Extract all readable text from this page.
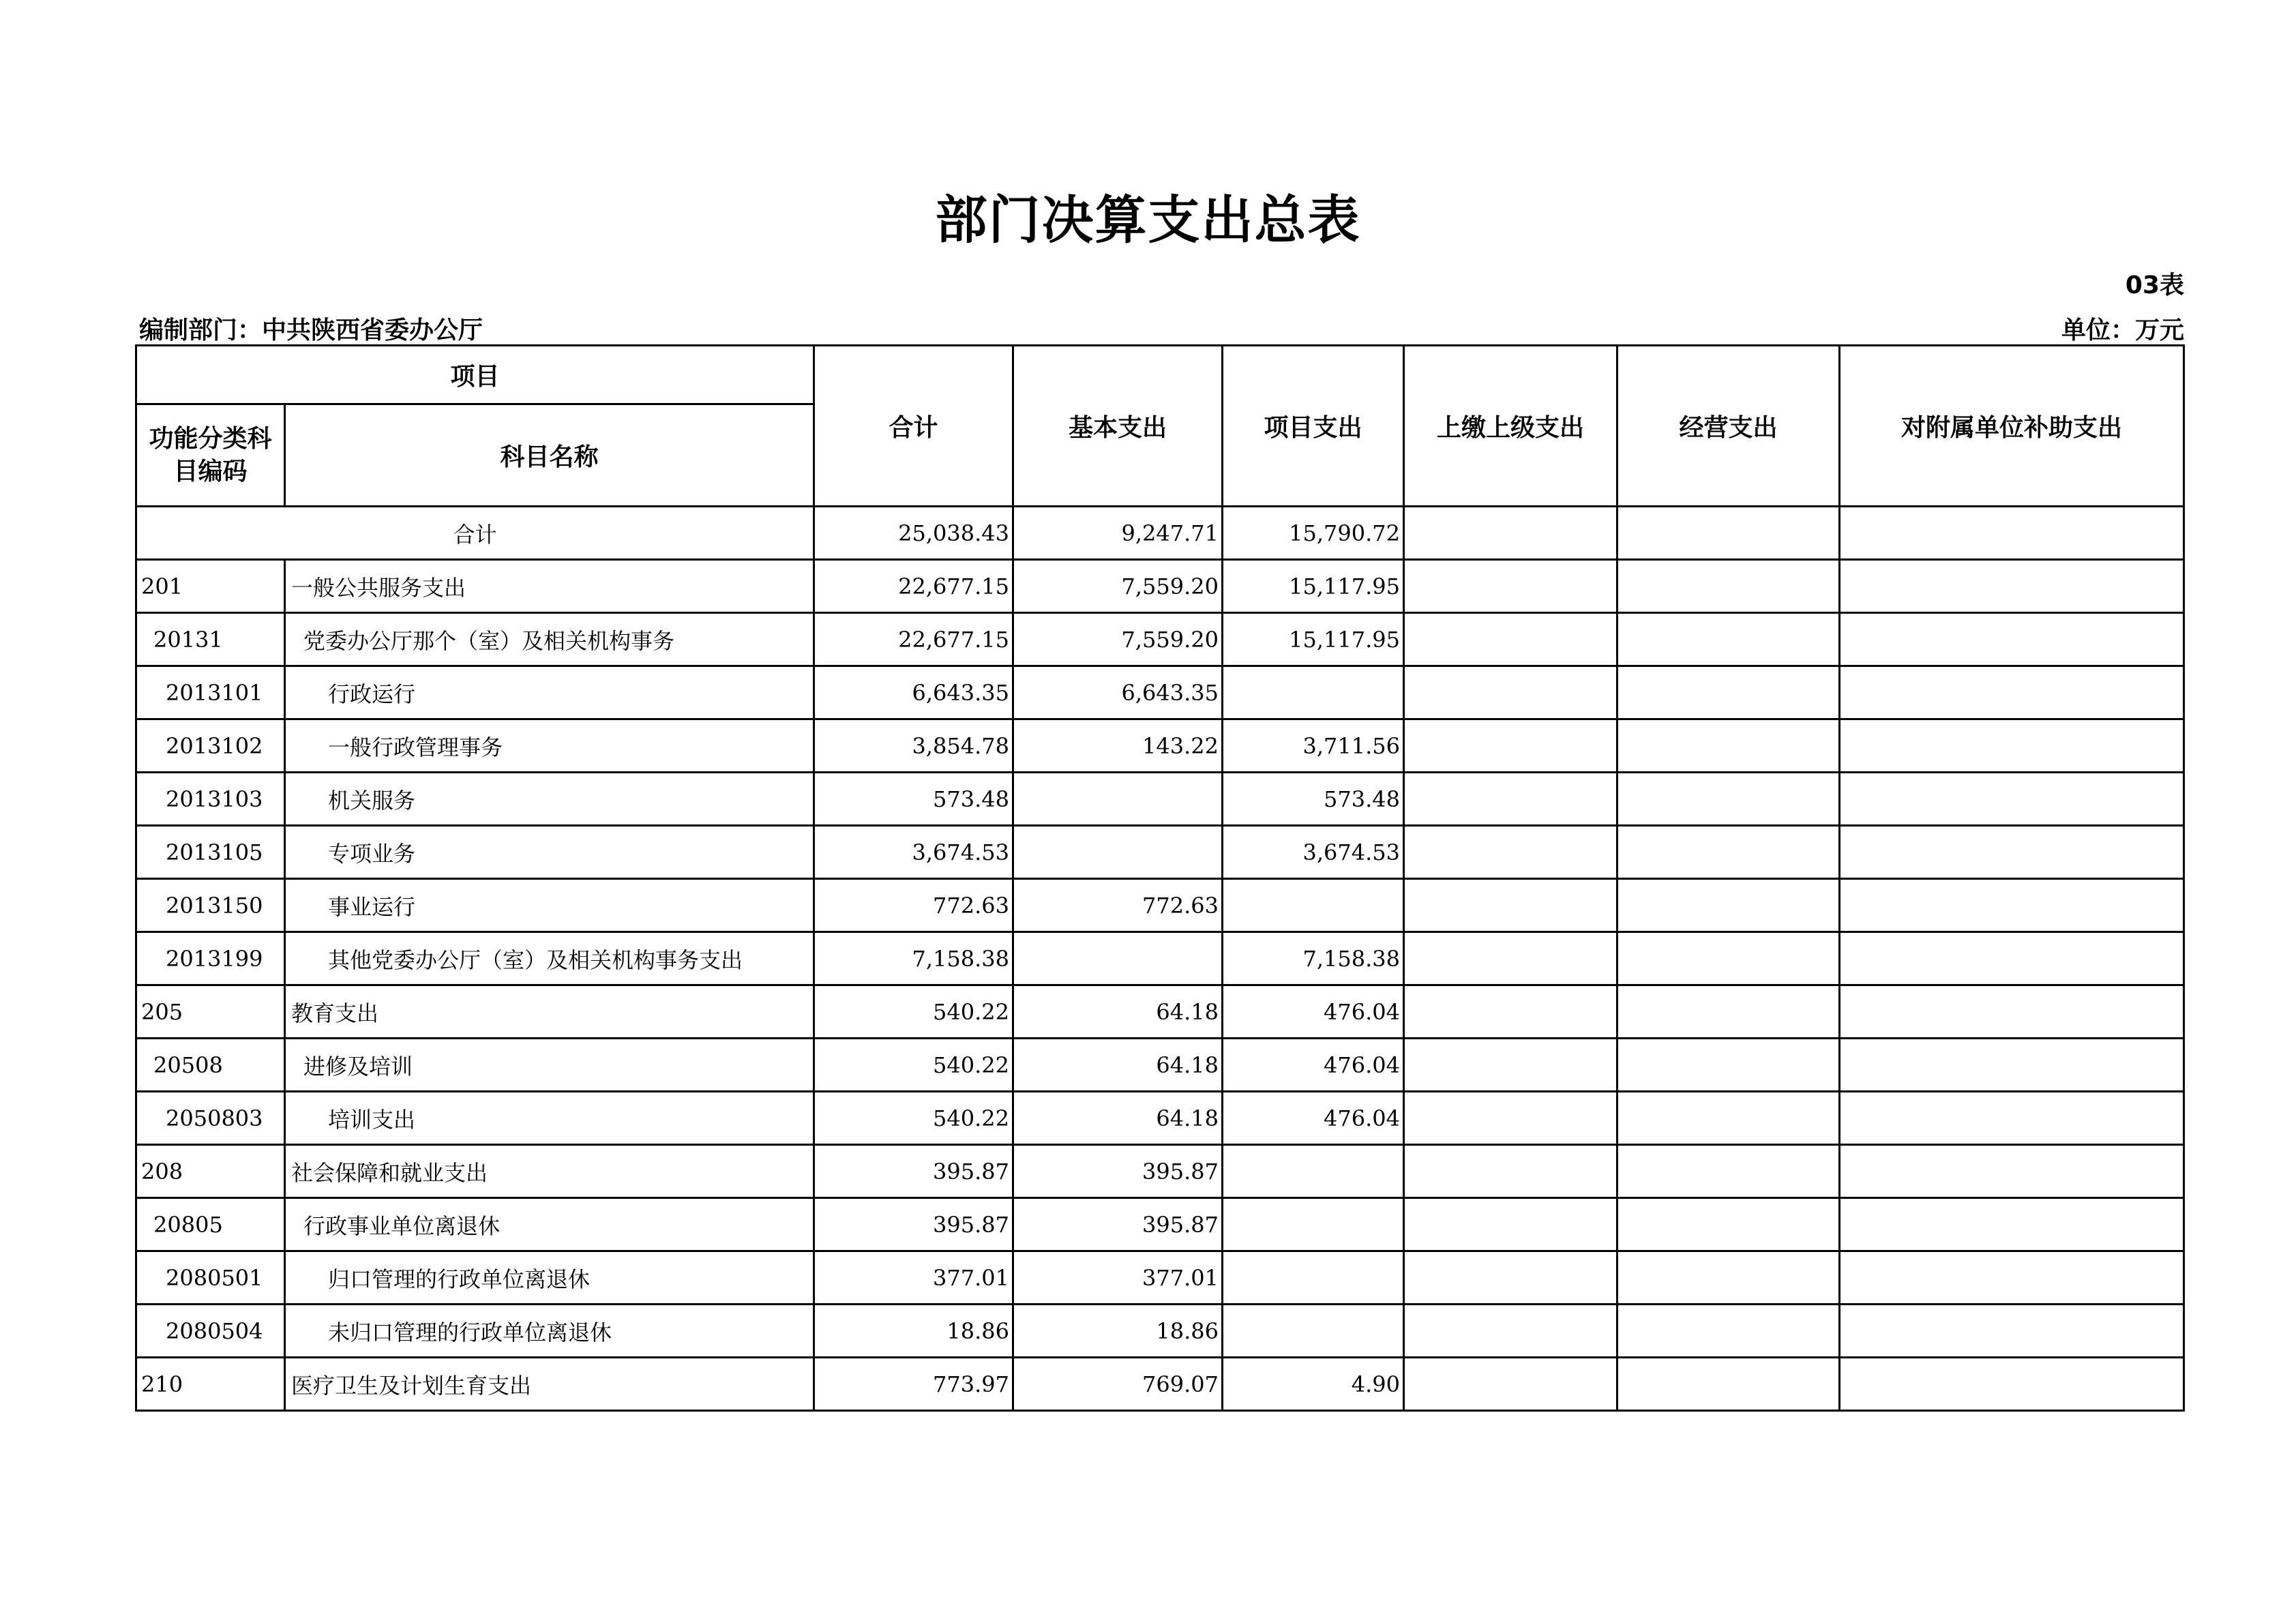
部门决算支出总表
03表
编制部门：中共陕西省委办公厅	单位：万元
项目		合计	基本支出	项目支出	上缴上级支出	经营支出	对附属单位补助支出

功能分类科目编码	科目名称						
合计		25,038.43	9,247.71	15,790.72			
201	一般公共服务支出	22,677.15	7,559.20	15,117.95			
20131	党委办公厅那个（室）及相关机构事务	22,677.15	7,559.20	15,117.95			
2013101	行政运行	6,643.35	6,643.35				
2013102	一般行政管理事务	3,854.78	143.22	3,711.56			
2013103	机关服务	573.48		573.48			
2013105	专项业务	3,674.53		3,674.53			
2013150	事业运行	772.63	772.63				
2013199	其他党委办公厅（室）及相关机构事务支出	7,158.38		7,158.38			
205	教育支出	540.22	64.18	476.04			
20508	进修及培训	540.22	64.18	476.04			
2050803	培训支出	540.22	64.18	476.04			
208	社会保障和就业支出	395.87	395.87				
20805	行政事业单位离退休	395.87	395.87				
2080501	归口管理的行政单位离退休	377.01	377.01				
2080504	未归口管理的行政单位离退休	18.86	18.86				
210	医疗卫生及计划生育支出	773.97	769.07	4.90			
